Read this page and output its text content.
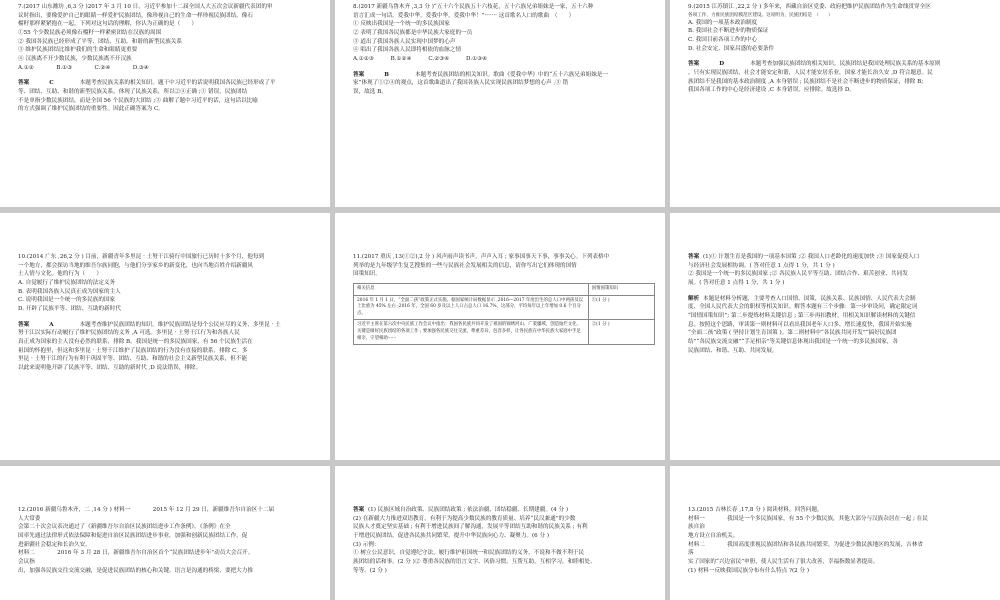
7.(2017 山东潍坊 ,6,3 分 )2017 年 3 月 10 日，习近平参加十二届全国人大五次会议新疆代表团的审

议时指出，要像爱护自己的眼睛一样爱护民族团结，像珍视自己的生命一样珍视民族团结，像石

榴籽那样紧紧抱在一起。下列对这句话的理解，你认为正确的是（　　）

①55 个少数民族必须像石榴籽一样紧密团结在汉族的周围

② 我国各民族已经形成了平等、团结、互助、和谐的新型民族关系

③ 维护民族团结比维护我们的生命和眼睛更重要

④ 汉族离不开少数民族，少数民族离不开汉族

A.①②　　　　B.①③　　　　C.②④　　　　D.③④

答案	C	本题考查民族关系的相关知识。题干中习近平的话说明我国各民族已经形成了平

等、团结、互助、和谐的新型民族关系，体现了民族关系，所以②④正确 ;① 错误，民族团结

不是单指少数民族团结，而是全国 56 个民族的大团结 ;③ 曲解了题中习近平的话，这句话以比喻

的方式强调了维护民族团结的重要性。因此正确答案为 C。

8.(2017 新疆乌鲁木齐 ,3,3 分 )“五十六个民族五十六枝花，五十六族兄弟姐妹是一家，五十六种

语言汇成一句话，爱我中华，爱我中华，爱我中华！”······· 这首歌名人口的歌曲　（　　）

① 反映出我国是一个统一的多民族国家

② 表明了我国各民族都是中华民族大家庭的一员

③ 道出了我国各族人民实现中国梦的心声

④ 唱出了我国各族人民即将相依的血脉之情

A.①②③　　　B.①②④　　　C.②③④　　　D.①③④

答案	B	本题考查民族团结的相关知识。歌曲《爱我中华》中的“五十六族兄弟姐妹是一

家”体现了①②④的观点，这首歌曲道出了我国各族人民实现民族团结梦想的心声 ,③ 错

误，故选 B。

9.(2015 江苏镇江 ,22,2 分 ) 多年来，西藏自治区党委、政府把维护民族团结作为生命线贯穿全区

各项工作，力推民族团结模范区建设。这说明为，民族团结是　（　　）

A. 我国的一项基本政治制度

B. 我国社会不断进步的物质保证

C. 我国目前各项工作的中心

D. 社会安定、国家昌盛的必要条件

答案	D	本题考查加强民族团结的相关知识。民族团结是我国处理民族关系的基本原则

，只有实现民族团结，社会才能安定和谐，人民才能安居乐业，国家才能长治久安 ,D 符合题意。民

族团结不是我国的基本政治制度 ,A 本身错误 ; 民族团结不是社会不断进步的物质保证，排除 B;

我国各项工作的中心是经济建设 ,C 本身错误，应排除。故选择 D。

10.(2014 广东 ,26,2 分 ) 目前，新疆青年多里昆 · 土努干江骑行中国旅行已历时十多个月，他每到

一个地方，都会探访当地的维吾尔族同胞，与他们分享家乡的新变化，也向当地百姓介绍新疆风

土人情与文化。他的行为（　　）

A. 自觉履行了维护民族团结的法定义务

B. 表明我国各族人民真正成为国家的主人

C. 说明我国是一个统一的多民族的国家

D. 开辟了民族平等、团结、互助的新时代

答案	A	本题考查维护民族团结的知识。维护民族团结是每个公民应尽的义务，多里昆 · 土

努干江以实际行动履行了维护民族团结的义务 ,A 可选。多里昆 · 土努干江行为和各族人民

真正成为国家的主人没有必然的联系，排除 B。我国是统一的多民族国家，有 56 个民族生活在

祖国的怀抱里，但这和多里昆 · 土努干江维护了民族团结的行为没有直接的联系，排除 C。多

里昆 · 土努干江的行为有利于巩固平等、团结、互助、和谐的社会主义新型民族关系，但不能

以此来说明他开辟了民族平等、团结、互助的新时代 ,D 说法错误，排除。

11.(2017 重庆 ,13(①②),2 分 ) 风声雨声读书声，声声入耳 ; 家事国事天下事，事事关心。下列表格中

列举的是九年级学生复艺搜集的一些与民族社会发展相关的信息，请你写出它们体现的国情

国策知识。

相关信息	国情国策知识
2016 年 1 月 1 日，“全面二孩”政策正式实施。据国家统计局数据显示 ,2016—2017 年度出生的总人口中两孩及以上比重为 45% 左右 ;2016 年，全国 60 岁及以上人口占总人口 16.7%，这部分，平均每年以上年增加 0.6 个百分点。	①(1 分 )
习近平主席在第六次中央民族工作会议中指出：我国各民族共同开发了祖国的锦绣河山、广袤疆域，创造灿烂文化，关键是做好民族团结的各项工作 ; 要加强各民族交往交流，尊重差异，包容多样，让各民族在中华民族大家庭中手足相亲、守望相助······	②(1 分 )

答案 (1)① 计划生育是我国的一项基本国策 ;② 我国人口老龄化的速度加快 ;③ 国家促使人口

与经济社会发展相协调。( 答对任意 1 点得 1 分，共 1 分 )

② 我国是一个统一的多民族国家 ;② 各民族人民平等互助、团结合作、艰苦创业、共同发

展。( 答对任意 1 点得 1 分，共 1 分 )

解析 本题是材料分析题，主要考查人口国情、国策，民族关系、民族国情、人民代表大会制

度、全国人民代表大会的职权等相关知识。解答本题有三个步骤：第一步审设问，确定限定词

“国情国策知识”; 第二步提炼材料关键信息 ; 第三步再扣教材，用相关知识解读材料的关键信

息。按照这个思路，审读第一则材料可以看出我国老年人口多，增长速度快，我国开始实施

“全面二孩”政策 ( 坚持计划生育国策 )。第二则材料中“各民族共同开发”“搞好民族团

结”“各民族交流交融”“手足相亲”等关键信息体现出我国是一个统一的多民族国家，各

民族团结、和谐、互助、共同发展。

12.(2016 新疆乌鲁木齐，二 ,14 分 ) 材料一　　　　2015 年 12 月 29 日，新疆维吾尔自治区十二届

人大常委

会第二十次会议表决通过了《新疆维吾尔自治区民族团结进步工作条例》。《条例》在全

国率先通过法律形式依法保障和促进自治区民族团结进步事业，加强和创新民族团结工作，促

进新疆社会稳定和长治久安。

材料二　　　　2016 年 3 月 28 日，新疆维吾尔自治区首个“民族团结进步年”动员大会召开。

会议指

出，加强各民族交往交流交融，是促进民族团结的核心和关键。语言是沟通的桥梁，要把大力推

答案 (1) 民族区域自治政策、民族团结政策 ; 依法治疆、团结稳疆、长期建疆。(4 分 )

(2) 在新疆大力推进双语教育，有利于为提高少数民族的教育质量、培养“民汉兼通”的少数

民族人才奠定坚实基础 ; 有利于增进民族间了解沟通，发展平等团结互助和谐的民族关系 ; 有利

于增进民族团结，促进各民族共同繁荣，提升中华民族向心力、凝聚力。(6 分 )

(3) 示例：

① 树立公民意识，自觉遵纪守法，履行维护祖国统一和民族团结的义务，不说和不做不利于民

族团结的话和事。(2 分 )② 尊重各民族的语言文字、风俗习惯，互帮互助，互相学习，和睦相处、

等等。(2 分 )

13.(2015 吉林长春 ,17,8 分 ) 阅读材料，回答问题。

材料一　　　　我国是一个多民族国家，有 55 个少数民族，其他大部分与汉族杂居在一起 ; 在民

族自治

地方设立自治机关。

材料二　　　　我国高度重视民族团结和各民族共同繁荣。为促进少数民族地区的发展，吉林省

落

实了国家的“兴边富民”申册，使人民生活有了很大改善，幸福指数显著提高。

(1) 材料一反映我国民族分布有什么特点 ?(2 分 )
